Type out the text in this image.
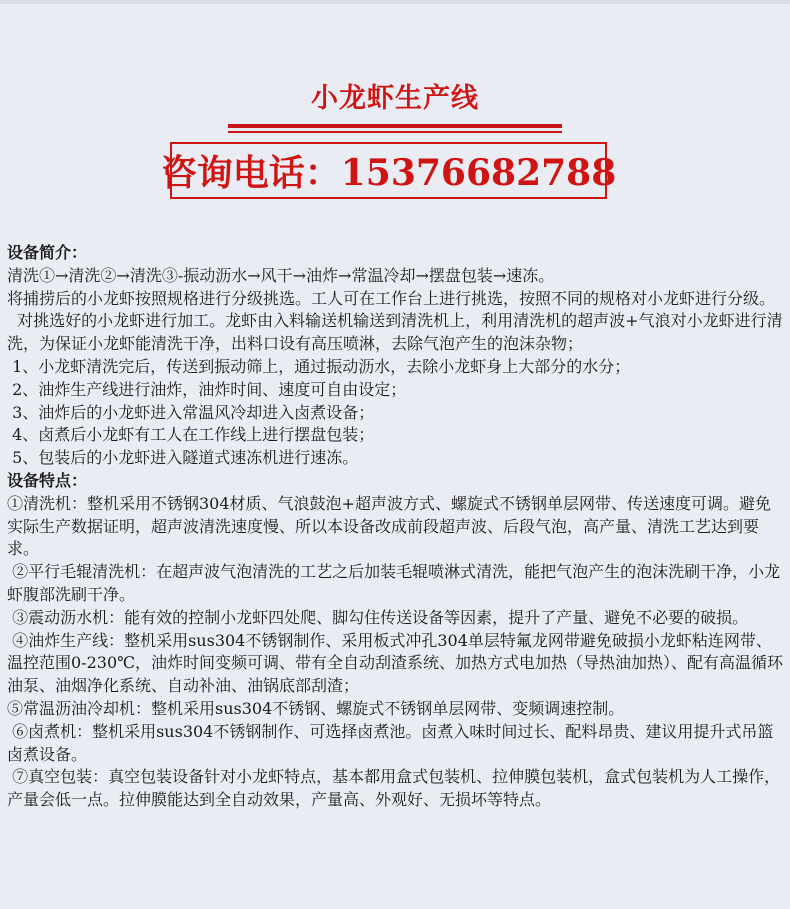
小龙虾生产线
咨询电话：15376682788

设备简介：

清洗①→清洗②→清洗③-振动沥水→风干→油炸→常温冷却→摆盘包装→速冻。

将捕捞后的小龙虾按照规格进行分级挑选。工人可在工作台上进行挑选，按照不同的规格对小龙虾进行分级。

对挑选好的小龙虾进行加工。龙虾由入料输送机输送到清洗机上，利用清洗机的超声波+气浪对小龙虾进行清洗，为保证小龙虾能清洗干净，出料口设有高压喷淋，去除气泡产生的泡沫杂物；

1、小龙虾清洗完后，传送到振动筛上，通过振动沥水，去除小龙虾身上大部分的水分；

2、油炸生产线进行油炸，油炸时间、速度可自由设定；

3、油炸后的小龙虾进入常温风冷却进入卤煮设备；

4、卤煮后小龙虾有工人在工作线上进行摆盘包装；

5、包装后的小龙虾进入隧道式速冻机进行速冻。

设备特点：

①清洗机：整机采用不锈钢304材质、气浪鼓泡+超声波方式、螺旋式不锈钢单层网带、传送速度可调。避免实际生产数据证明，超声波清洗速度慢、所以本设备改成前段超声波、后段气泡，高产量、清洗工艺达到要求。

②平行毛辊清洗机：在超声波气泡清洗的工艺之后加装毛辊喷淋式清洗，能把气泡产生的泡沫洗刷干净，小龙虾腹部洗刷干净。

③震动沥水机：能有效的控制小龙虾四处爬、脚勾住传送设备等因素，提升了产量、避免不必要的破损。

④油炸生产线：整机采用sus304不锈钢制作、采用板式冲孔304单层特氟龙网带避免破损小龙虾粘连网带、温控范围0-230℃，油炸时间变频可调、带有全自动刮渣系统、加热方式电加热（导热油加热）、配有高温循环油泵、油烟净化系统、自动补油、油锅底部刮渣；

⑤常温沥油冷却机：整机采用sus304不锈钢、螺旋式不锈钢单层网带、变频调速控制。

⑥卤煮机：整机采用sus304不锈钢制作、可选择卤煮池。卤煮入味时间过长、配料昂贵、建议用提升式吊篮卤煮设备。

⑦真空包装：真空包装设备针对小龙虾特点，基本都用盒式包装机、拉伸膜包装机，盒式包装机为人工操作，产量会低一点。拉伸膜能达到全自动效果，产量高、外观好、无损坏等特点。
